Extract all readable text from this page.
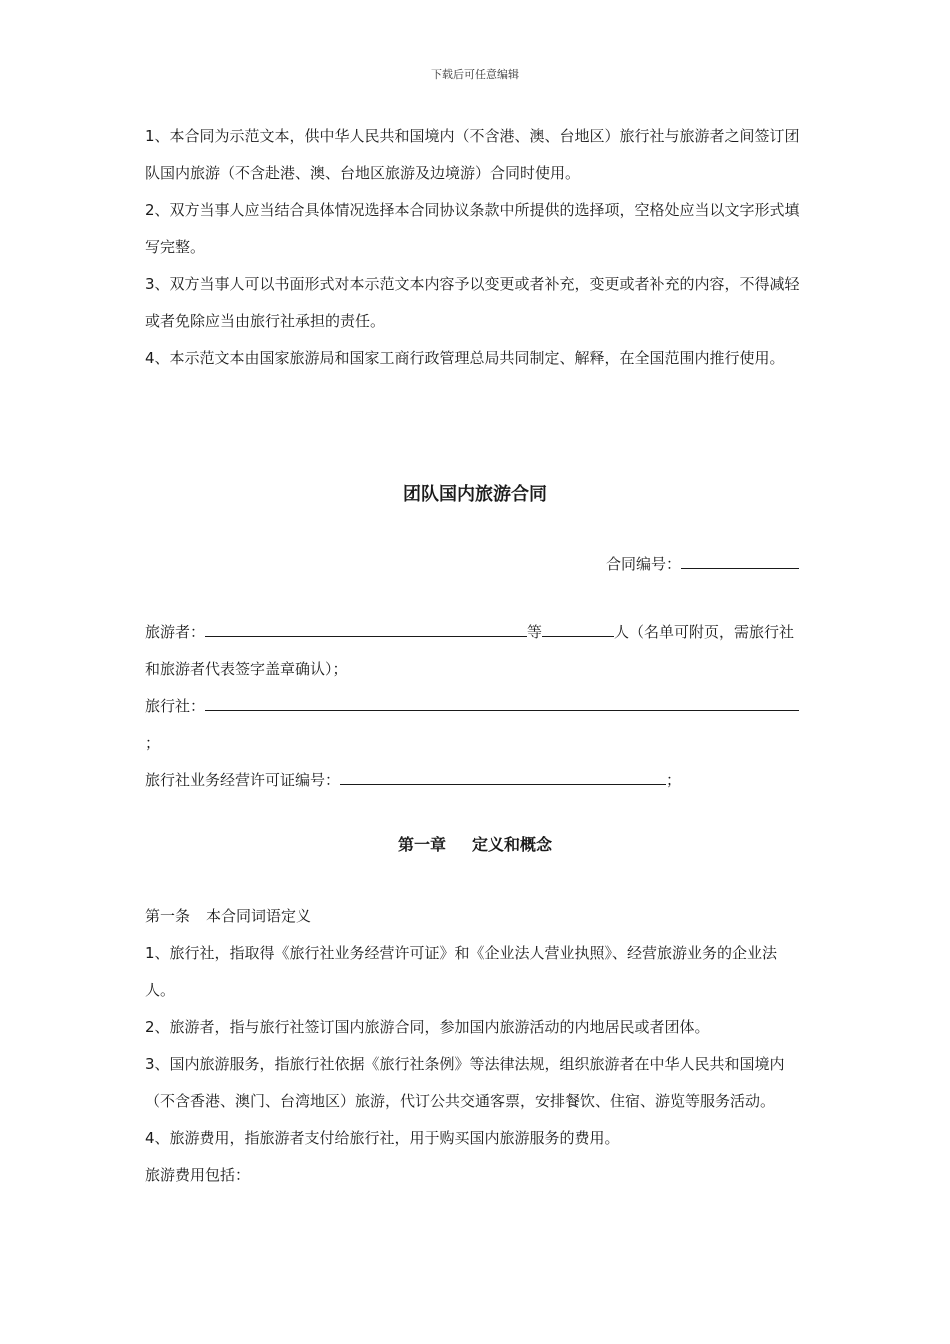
下载后可任意编辑

1、本合同为示范文本，供中华人民共和国境内（不含港、澳、台地区）旅行社与旅游者之间签订团队国内旅游（不含赴港、澳、台地区旅游及边境游）合同时使用。

2、双方当事人应当结合具体情况选择本合同协议条款中所提供的选择项，空格处应当以文字形式填写完整。

3、双方当事人可以书面形式对本示范文本内容予以变更或者补充，变更或者补充的内容，不得减轻或者免除应当由旅行社承担的责任。

4、本示范文本由国家旅游局和国家工商行政管理总局共同制定、解释，在全国范围内推行使用。

团队国内旅游合同
合同编号：

旅游者：	等	人（名单可附页，需旅行社和旅游者代表签字盖章确认）；

旅行社：

；

旅行社业务经营许可证编号：	；

第一章 定义和概念

第一条 本合同词语定义

1、旅行社，指取得《旅行社业务经营许可证》和《企业法人营业执照》、经营旅游业务的企业法人。

2、旅游者，指与旅行社签订国内旅游合同，参加国内旅游活动的内地居民或者团体。

3、国内旅游服务，指旅行社依据《旅行社条例》等法律法规，组织旅游者在中华人民共和国境内（不含香港、澳门、台湾地区）旅游，代订公共交通客票，安排餐饮、住宿、游览等服务活动。

4、旅游费用，指旅游者支付给旅行社，用于购买国内旅游服务的费用。

旅游费用包括：
